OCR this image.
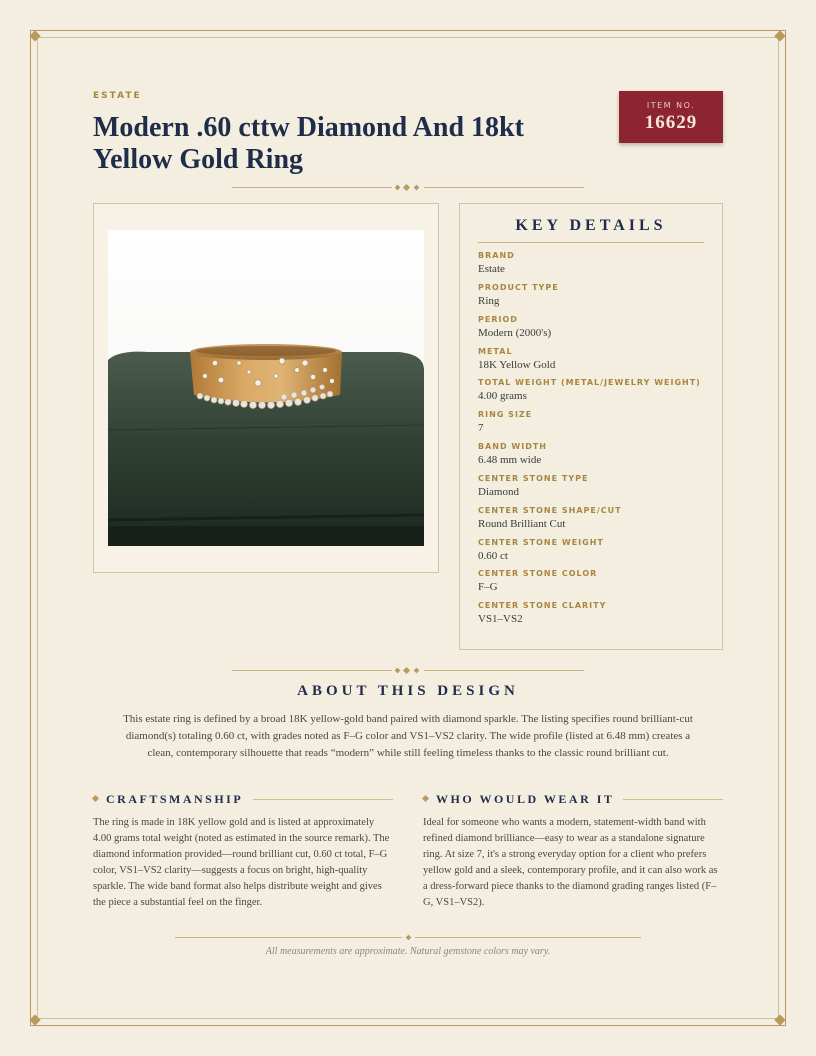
ESTATE
Modern .60 cttw Diamond And 18kt Yellow Gold Ring
ITEM NO.
16629
KEY DETAILS
BRAND
Estate
PRODUCT TYPE
Ring
PERIOD
Modern (2000's)
METAL
18K Yellow Gold
TOTAL WEIGHT (METAL/JEWELRY WEIGHT)
4.00 grams
RING SIZE
7
BAND WIDTH
6.48 mm wide
CENTER STONE TYPE
Diamond
CENTER STONE SHAPE/CUT
Round Brilliant Cut
CENTER STONE WEIGHT
0.60 ct
CENTER STONE COLOR
F–G
CENTER STONE CLARITY
VS1–VS2
ABOUT THIS DESIGN
This estate ring is defined by a broad 18K yellow-gold band paired with diamond sparkle. The listing specifies round brilliant-cut diamond(s) totaling 0.60 ct, with grades noted as F–G color and VS1–VS2 clarity. The wide profile (listed at 6.48 mm) creates a clean, contemporary silhouette that reads “modern” while still feeling timeless thanks to the classic round brilliant cut.
CRAFTSMANSHIP
The ring is made in 18K yellow gold and is listed at approximately 4.00 grams total weight (noted as estimated in the source remark). The diamond information provided—round brilliant cut, 0.60 ct total, F–G color, VS1–VS2 clarity—suggests a focus on bright, high-quality sparkle. The wide band format also helps distribute weight and gives the piece a substantial feel on the finger.
WHO WOULD WEAR IT
Ideal for someone who wants a modern, statement-width band with refined diamond brilliance—easy to wear as a standalone signature ring. At size 7, it's a strong everyday option for a client who prefers yellow gold and a sleek, contemporary profile, and it can also work as a dress-forward piece thanks to the diamond grading ranges listed (F–G, VS1–VS2).
All measurements are approximate. Natural gemstone colors may vary.
